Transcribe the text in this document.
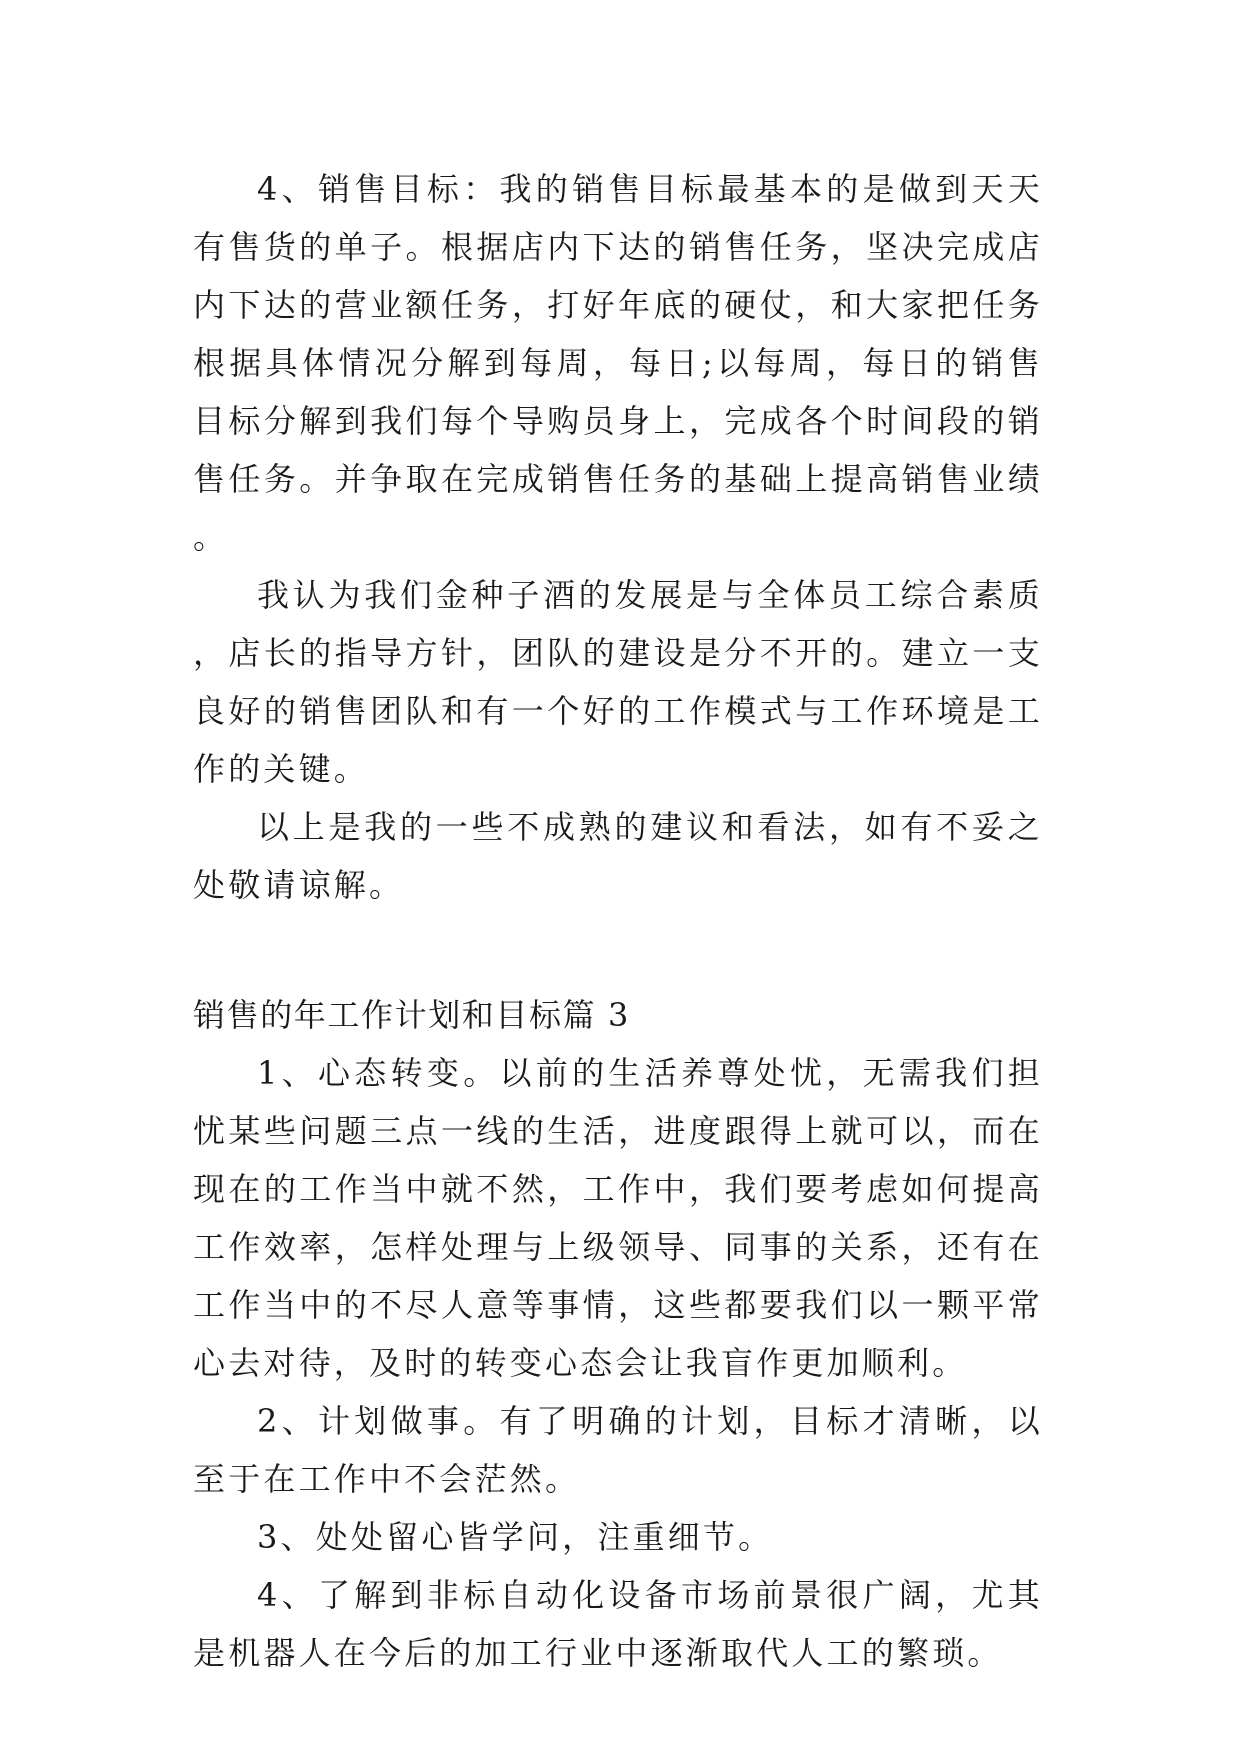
4、销售目标：我的销售目标最基本的是做到天天有售货的单子。根据店内下达的销售任务，坚决完成店内下达的营业额任务，打好年底的硬仗，和大家把任务根据具体情况分解到每周，每日;以每周，每日的销售目标分解到我们每个导购员身上，完成各个时间段的销售任务。并争取在完成销售任务的基础上提高销售业绩。

我认为我们金种子酒的发展是与全体员工综合素质，店长的指导方针，团队的建设是分不开的。建立一支良好的销售团队和有一个好的工作模式与工作环境是工作的关键。

以上是我的一些不成熟的建议和看法，如有不妥之处敬请谅解。

销售的年工作计划和目标篇 3

1、心态转变。以前的生活养尊处忧，无需我们担忧某些问题三点一线的生活，进度跟得上就可以，而在现在的工作当中就不然，工作中，我们要考虑如何提高工作效率，怎样处理与上级领导、同事的关系，还有在工作当中的不尽人意等事情，这些都要我们以一颗平常心去对待，及时的转变心态会让我盲作更加顺利。

2、计划做事。有了明确的计划，目标才清晰，以至于在工作中不会茫然。

3、处处留心皆学问，注重细节。

4、了解到非标自动化设备市场前景很广阔，尤其是机器人在今后的加工行业中逐渐取代人工的繁琐。
